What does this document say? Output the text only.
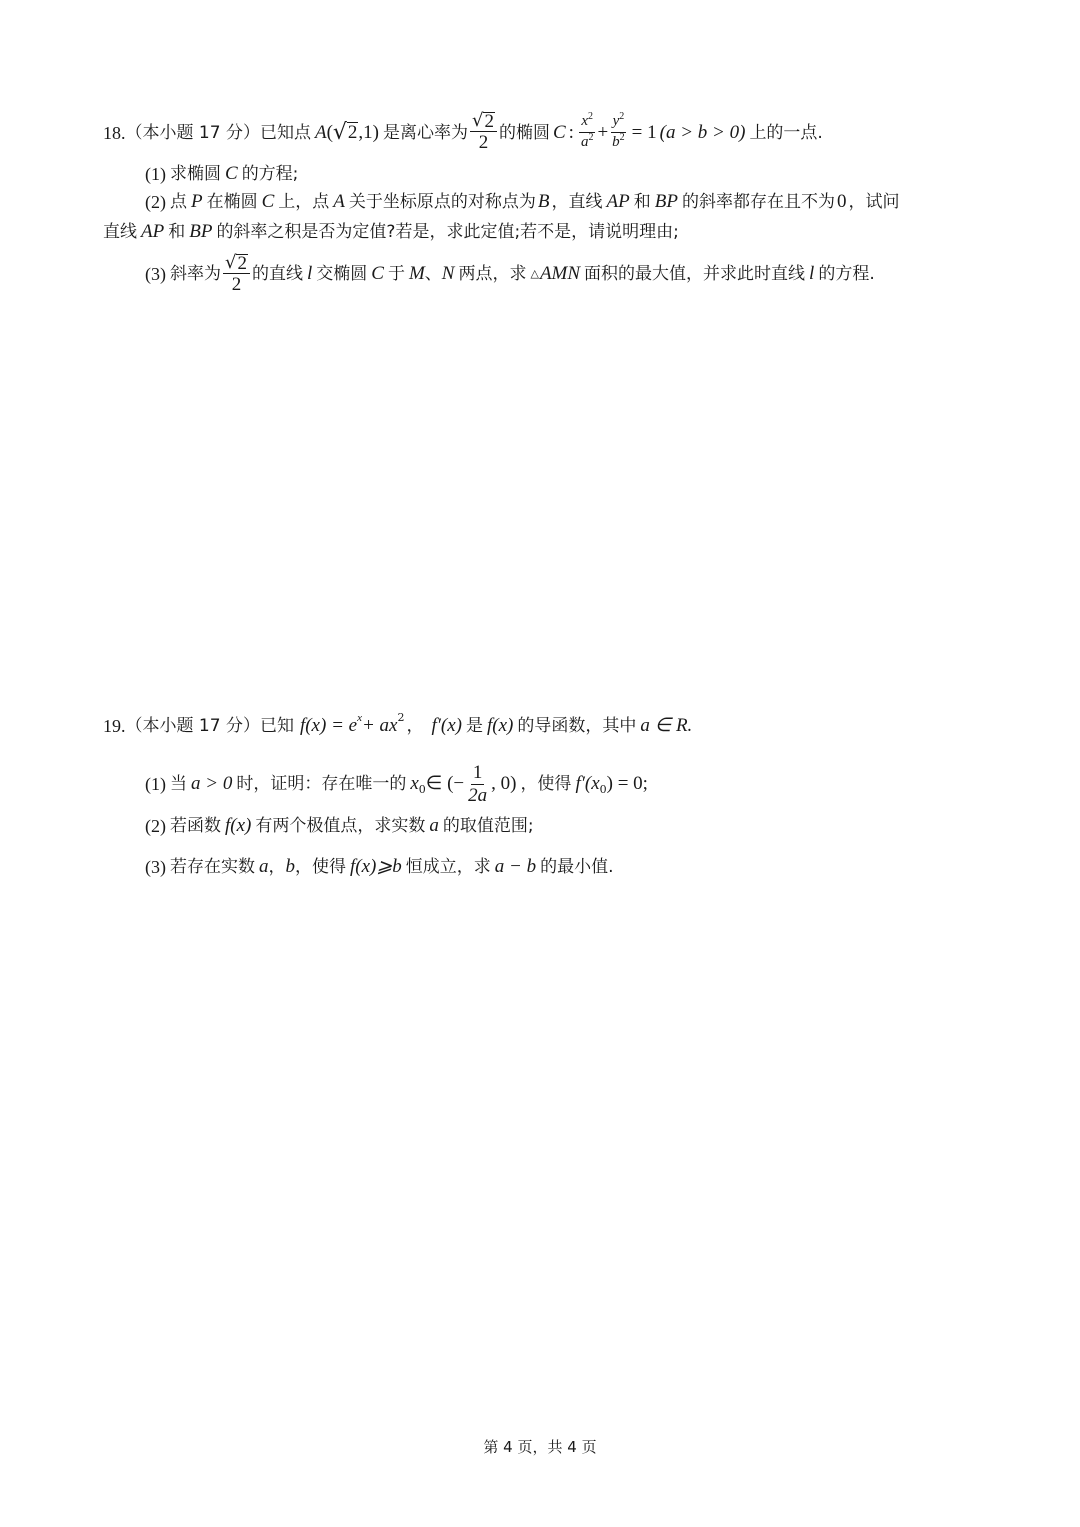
18. （本小题 17 分） 已知点 A ( √ 2 ,1) 是离心率为 $\frac{√ 2}{2}$ 的椭圆 C : $\frac{x^2}{a^2} + \frac{y^2}{b^2} = 1$ (a > b > 0) 上的一点.
(1) 求椭圆 C 的方程;
(2) 点 P 在椭圆 C 上，点 A 关于坐标原点的对称点为 B ，直线 AP 和 BP 的斜率都存在且不为 0 ，试问
直线 AP 和 BP 的斜率之积是否为定值?若是，求此定值;若不是，请说明理由;
(3) 斜率为 $\frac{√ 2}{2}$ 的直线 l 交椭圆 C 于 M 、 N 两点，求 △ AMN 面积的最大值，并求此时直线 l 的方程.
19. （本小题 17 分） 已知 f(x) = e x + ax 2 ， f′(x) 是 f(x) 的导函数，其中 a ∈ R.
(1) 当 a > 0 时，证明：存在唯一的 x 0 ∈ (− $\frac{1}{2a}$ , 0) ，使得 f′(x 0 ) = 0;
(2) 若函数 f(x) 有两个极值点，求实数 a 的取值范围;
(3) 若存在实数 a ， b ，使得 f(x)⩾b 恒成立，求 a − b 的最小值.
第 4 页，共 4 页
